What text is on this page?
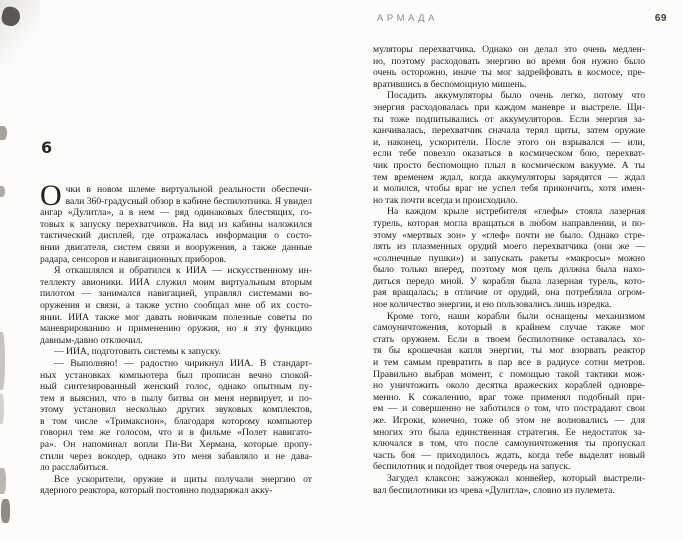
АРМАДА	69
6
О чки в новом шлеме виртуальной реальности обеспечи-
вали 360-градусный обзор в кабине беспилотника. Я увидел
ангар «Дулитла», а в нем — ряд одинаковых блестящих, го-
товых к запуску перехватчиков. На вид из кабины наложился
тактический дисплей, где отражалась информация о состо-
янии двигателя, систем связи и вооружения, а также данные
радара, сенсоров и навигационных приборов.
Я откашлялся и обратился к ИИА — искусственному ин-
теллекту авионики. ИИА служил моим виртуальным вторым
пилотом — занимался навигацией, управлял системами во-
оружения и связи, а также устно сообщал мне об их состо-
янии. ИИА также мог давать новичкам полезные советы по
маневрированию и применению оружия, но я эту функцию
давным-давно отключил.
— ИИА, подготовить системы к запуску.
— Выполняю! — радостно чирикнул ИИА. В стандарт-
ных установках компьютера был прописан вечно спокой-
ный синтезированный женский голос, однако опытным пу-
тем я выяснил, что в пылу битвы он меня нервирует, и по-
этому установил несколько других звуковых комплектов,
в том числе «Тримаксион», благодаря которому компьютер
говорил тем же голосом, что и в фильме «Полет навигато-
ра». Он напоминал вопли Пи-Ви Хермана, которые пропу-
стили через вокодер, однако это меня забавляло и не дава-
ло расслабиться.
Все ускорители, оружие и щиты получали энергию от
ядерного реактора, который постоянно подзаряжал акку-
муляторы перехватчика. Однако он делал это очень медлен-
но, поэтому расходовать энергию во время боя нужно было
очень осторожно, иначе ты мог задрейфовать в космосе, пре-
вратившись в беспомощную мишень.
Посадить аккумуляторы было очень легко, потому что
энергия расходовалась при каждом маневре и выстреле. Щи-
ты тоже подпитывались от аккумуляторов. Если энергия за-
канчивалась, перехватчик сначала терял щиты, затем оружие
и, наконец, ускорители. После этого он взрывался — или,
если тебе повезло оказаться в космическом бою, перехват-
чик просто беспомощно плыл в космическом вакууме. А ты
тем временем ждал, когда аккумуляторы зарядятся — ждал
и молился, чтобы враг не успел тебя прикончить, хотя имен-
но так почти всегда и происходило.
На каждом крыле истребителя «глефы» стояла лазерная
турель, которая могла вращаться в любом направлении, и по-
этому «мертвых зон» у «глеф» почти не было. Однако стре-
лять из плазменных орудий моего перехватчика (они же —
«солнечные пушки») и запускать ракеты «макросы» можно
было только вперед, поэтому моя цель должна была нахо-
диться передо мной. У корабля была лазерная турель, кото-
рая вращалась; в отличие от орудий, она потребляла огром-
ное количество энергии, и ею пользовались лишь изредка.
Кроме того, наши корабли были оснащены механизмом
самоуничтожения, который в крайнем случае также мог
стать оружием. Если в твоем беспилотнике оставалась хо-
тя бы крошечная капля энергии, ты мог взорвать реактор
и тем самым превратить в пар все в радиусе сотни метров.
Правильно выбрав момент, с помощью такой тактики мож-
но уничтожить около десятка вражеских кораблей одновре-
менно. К сожалению, враг тоже применял подобный при-
ем — и совершенно не заботился о том, что пострадают свои
же. Игроки, конечно, тоже об этом не волновались — для
многих это была единственная стратегия. Ее недостаток за-
ключался в том, что после самоуничтожения ты пропускал
часть боя — приходилось ждать, когда тебе выделят новый
беспилотник и подойдет твоя очередь на запуск.
Загудел клаксон: зажужжал конвейер, который выстрели-
вал беспилотники из чрева «Дулитла», словно из пулемета.
